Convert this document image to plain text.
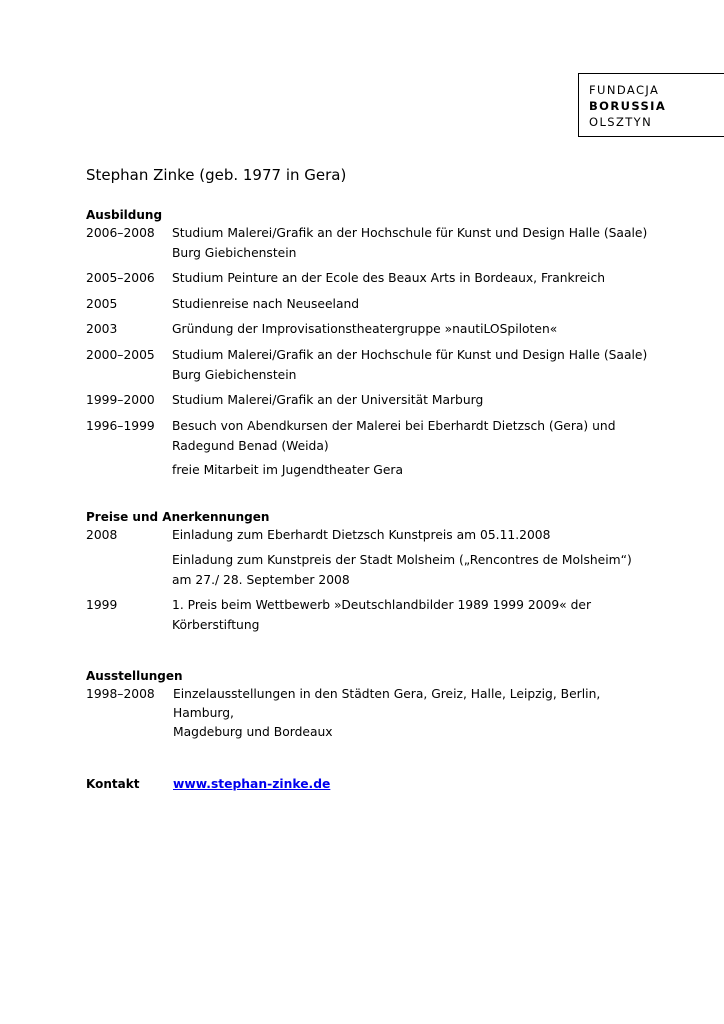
FUNDACJA
BORUSSIA
OLSZTYN
Stephan Zinke (geb. 1977 in Gera)
Ausbildung
2006–2008 Studium Malerei/Grafik an der Hochschule für Kunst und Design Halle (Saale)
Burg Giebichenstein
2005–2006 Studium Peinture an der Ecole des Beaux Arts in Bordeaux, Frankreich
2005	Studienreise nach Neuseeland
2003	Gründung der Improvisationstheatergruppe »nautiLOSpiloten«
2000–2005 Studium Malerei/Grafik an der Hochschule für Kunst und Design Halle (Saale)
Burg Giebichenstein
1999–2000 Studium Malerei/Grafik an der Universität Marburg
1996–1999 Besuch von Abendkursen der Malerei bei Eberhardt Dietzsch (Gera) und
Radegund Benad (Weida)
freie Mitarbeit im Jugendtheater Gera
Preise und Anerkennungen
2008	Einladung zum Eberhardt Dietzsch Kunstpreis am 05.11.2008
Einladung zum Kunstpreis der Stadt Molsheim („Rencontres de Molsheim“)
am 27./ 28. September 2008
1999	1. Preis beim Wettbewerb »Deutschlandbilder 1989 1999 2009« der
Körberstiftung
Ausstellungen
1998–2008 Einzelausstellungen in den Städten Gera, Greiz, Halle, Leipzig, Berlin,
Hamburg,
Magdeburg und Bordeaux
Kontakt	www.stephan-zinke.de
